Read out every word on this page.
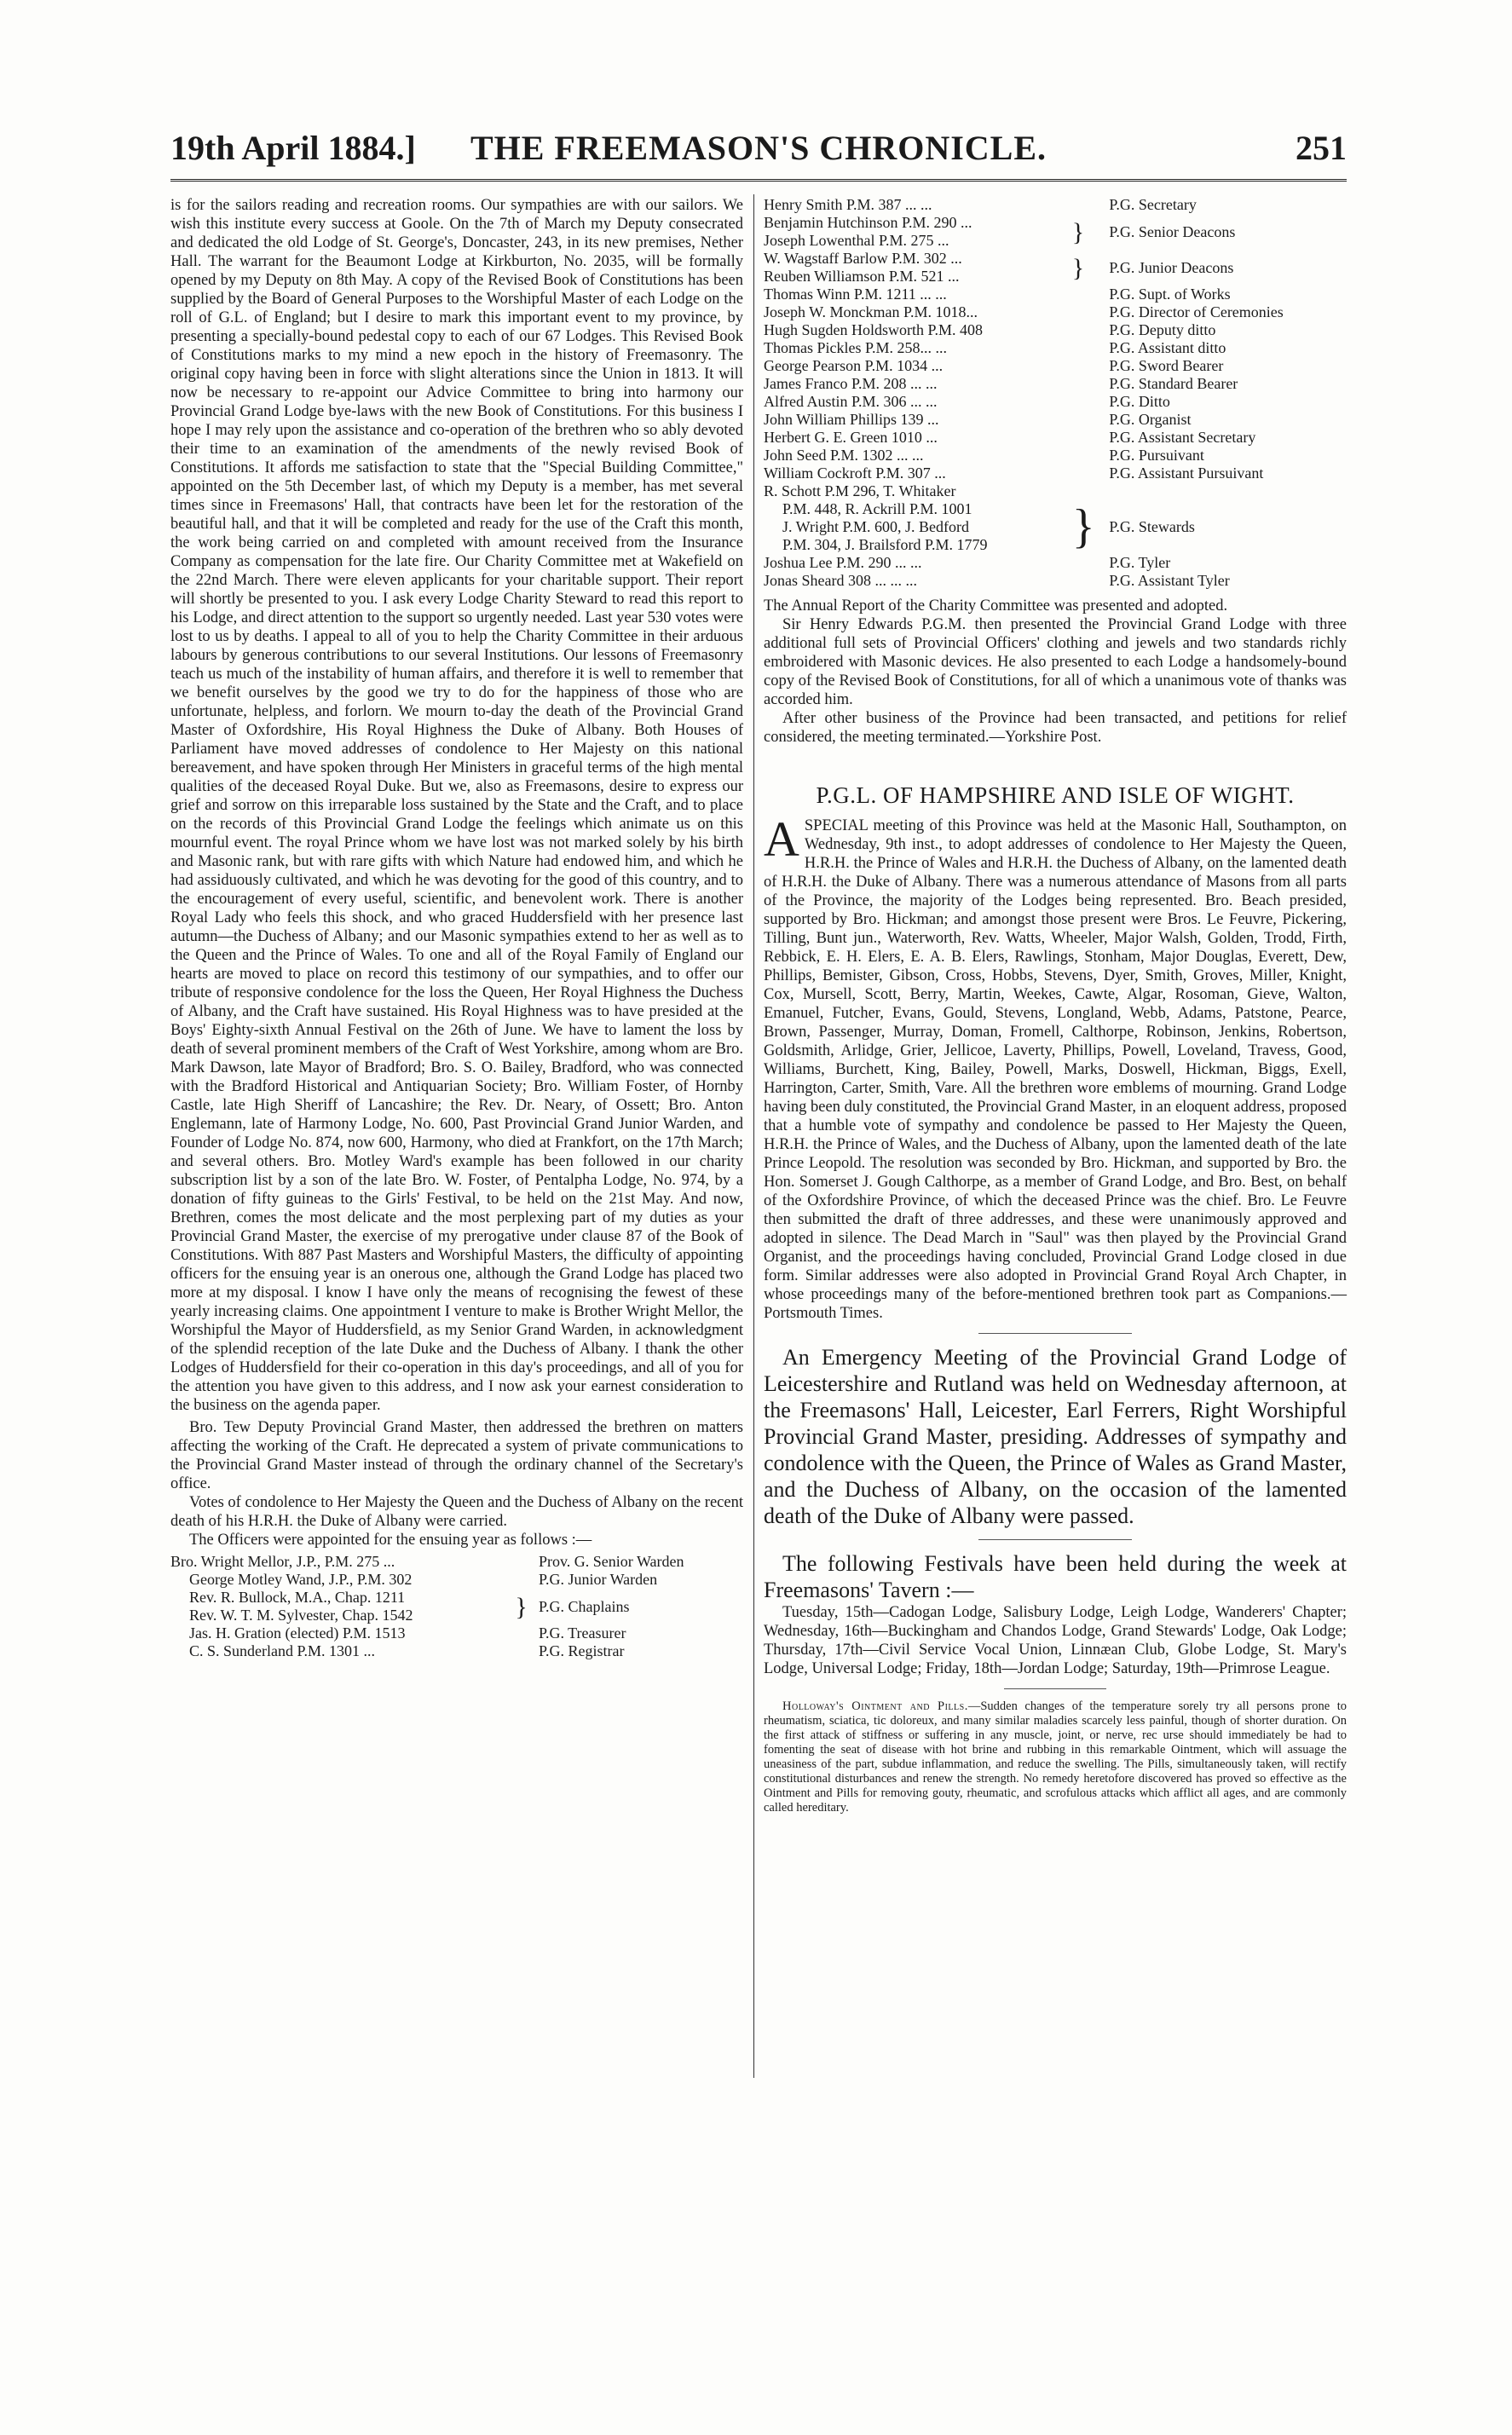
19th April 1884.]	THE FREEMASON'S CHRONICLE.	251

is for the sailors reading and recreation rooms. Our sympathies are with our sailors. We wish this institute every success at Goole. On the 7th of March my Deputy consecrated and dedicated the old Lodge of St. George's, Doncaster, 243, in its new premises, Nether Hall. The warrant for the Beaumont Lodge at Kirkburton, No. 2035, will be formally opened by my Deputy on 8th May. A copy of the Revised Book of Constitutions has been supplied by the Board of General Purposes to the Worshipful Master of each Lodge on the roll of G.L. of England; but I desire to mark this important event to my province, by presenting a specially-bound pedestal copy to each of our 67 Lodges. This Revised Book of Constitutions marks to my mind a new epoch in the history of Freemasonry. The original copy having been in force with slight alterations since the Union in 1813. It will now be necessary to re-appoint our Advice Committee to bring into harmony our Provincial Grand Lodge bye-laws with the new Book of Constitutions. For this business I hope I may rely upon the assistance and co-operation of the brethren who so ably devoted their time to an examination of the amendments of the newly revised Book of Constitutions. It affords me satisfaction to state that the "Special Building Committee," appointed on the 5th December last, of which my Deputy is a member, has met several times since in Freemasons' Hall, that contracts have been let for the restoration of the beautiful hall, and that it will be completed and ready for the use of the Craft this month, the work being carried on and completed with amount received from the Insurance Company as compensation for the late fire. Our Charity Committee met at Wakefield on the 22nd March. There were eleven applicants for your charitable support. Their report will shortly be presented to you. I ask every Lodge Charity Steward to read this report to his Lodge, and direct attention to the support so urgently needed. Last year 530 votes were lost to us by deaths. I appeal to all of you to help the Charity Committee in their arduous labours by generous contributions to our several Institutions. Our lessons of Freemasonry teach us much of the instability of human affairs, and therefore it is well to remember that we benefit ourselves by the good we try to do for the happiness of those who are unfortunate, helpless, and forlorn. We mourn to-day the death of the Provincial Grand Master of Oxfordshire, His Royal Highness the Duke of Albany. Both Houses of Parliament have moved addresses of condolence to Her Majesty on this national bereavement, and have spoken through Her Ministers in graceful terms of the high mental qualities of the deceased Royal Duke. But we, also as Freemasons, desire to express our grief and sorrow on this irreparable loss sustained by the State and the Craft, and to place on the records of this Provincial Grand Lodge the feelings which animate us on this mournful event. The royal Prince whom we have lost was not marked solely by his birth and Masonic rank, but with rare gifts with which Nature had endowed him, and which he had assiduously cultivated, and which he was devoting for the good of this country, and to the encouragement of every useful, scientific, and benevolent work. There is another Royal Lady who feels this shock, and who graced Huddersfield with her presence last autumn—the Duchess of Albany; and our Masonic sympathies extend to her as well as to the Queen and the Prince of Wales. To one and all of the Royal Family of England our hearts are moved to place on record this testimony of our sympathies, and to offer our tribute of responsive condolence for the loss the Queen, Her Royal Highness the Duchess of Albany, and the Craft have sustained. His Royal Highness was to have presided at the Boys' Eighty-sixth Annual Festival on the 26th of June. We have to lament the loss by death of several prominent members of the Craft of West Yorkshire, among whom are Bro. Mark Dawson, late Mayor of Bradford; Bro. S. O. Bailey, Bradford, who was connected with the Bradford Historical and Antiquarian Society; Bro. William Foster, of Hornby Castle, late High Sheriff of Lancashire; the Rev. Dr. Neary, of Ossett; Bro. Anton Englemann, late of Harmony Lodge, No. 600, Past Provincial Grand Junior Warden, and Founder of Lodge No. 874, now 600, Harmony, who died at Frankfort, on the 17th March; and several others. Bro. Motley Ward's example has been followed in our charity subscription list by a son of the late Bro. W. Foster, of Pentalpha Lodge, No. 974, by a donation of fifty guineas to the Girls' Festival, to be held on the 21st May. And now, Brethren, comes the most delicate and the most perplexing part of my duties as your Provincial Grand Master, the exercise of my prerogative under clause 87 of the Book of Constitutions. With 887 Past Masters and Worshipful Masters, the difficulty of appointing officers for the ensuing year is an onerous one, although the Grand Lodge has placed two more at my disposal. I know I have only the means of recognising the fewest of these yearly increasing claims. One appointment I venture to make is Brother Wright Mellor, the Worshipful the Mayor of Huddersfield, as my Senior Grand Warden, in acknowledgment of the splendid reception of the late Duke and the Duchess of Albany. I thank the other Lodges of Huddersfield for their co-operation in this day's proceedings, and all of you for the attention you have given to this address, and I now ask your earnest consideration to the business on the agenda paper.

Bro. Tew Deputy Provincial Grand Master, then addressed the brethren on matters affecting the working of the Craft. He deprecated a system of private communications to the Provincial Grand Master instead of through the ordinary channel of the Secretary's office.

Votes of condolence to Her Majesty the Queen and the Duchess of Albany on the recent death of his H.R.H. the Duke of Albany were carried.

The Officers were appointed for the ensuing year as follows :—

Bro. Wright Mellor, J.P., P.M. 275 ...		Prov. G. Senior Warden
George Motley Wand, J.P., P.M. 302		P.G. Junior Warden
Rev. R. Bullock, M.A., Chap. 1211	}	P.G. Chaplains
Rev. W. T. M. Sylvester, Chap. 1542		
Jas. H. Gration (elected) P.M. 1513		P.G. Treasurer
C. S. Sunderland P.M. 1301 ...		P.G. Registrar
Henry Smith P.M. 387 ... ...		P.G. Secretary
Benjamin Hutchinson P.M. 290 ...	}	P.G. Senior Deacons
Joseph Lowenthal P.M. 275 ...		
W. Wagstaff Barlow P.M. 302 ...	}	P.G. Junior Deacons
Reuben Williamson P.M. 521 ...		
Thomas Winn P.M. 1211 ... ...		P.G. Supt. of Works
Joseph W. Monckman P.M. 1018...		P.G. Director of Ceremonies
Hugh Sugden Holdsworth P.M. 408		P.G. Deputy ditto
Thomas Pickles P.M. 258... ...		P.G. Assistant ditto
George Pearson P.M. 1034 ...		P.G. Sword Bearer
James Franco P.M. 208 ... ...		P.G. Standard Bearer
Alfred Austin P.M. 306 ... ...		P.G. Ditto
John William Phillips 139 ...		P.G. Organist
Herbert G. E. Green 1010 ...		P.G. Assistant Secretary
John Seed P.M. 1302 ... ...		P.G. Pursuivant
William Cockroft P.M. 307 ...		P.G. Assistant Pursuivant
R. Schott P.M 296, T. Whitaker		
P.M. 448, R. Ackrill P.M. 1001	}	P.G. Stewards
J. Wright P.M. 600, J. Bedford		
P.M. 304, J. Brailsford P.M. 1779		
Joshua Lee P.M. 290 ... ...		P.G. Tyler
Jonas Sheard 308 ... ... ...		P.G. Assistant Tyler

The Annual Report of the Charity Committee was presented and adopted.

Sir Henry Edwards P.G.M. then presented the Provincial Grand Lodge with three additional full sets of Provincial Officers' clothing and jewels and two standards richly embroidered with Masonic devices. He also presented to each Lodge a handsomely-bound copy of the Revised Book of Constitutions, for all of which a unanimous vote of thanks was accorded him.

After other business of the Province had been transacted, and petitions for relief considered, the meeting terminated.—Yorkshire Post.

P.G.L. OF HAMPSHIRE AND ISLE OF WIGHT.
A SPECIAL meeting of this Province was held at the Masonic Hall, Southampton, on Wednesday, 9th inst., to adopt addresses of condolence to Her Majesty the Queen, H.R.H. the Prince of Wales and H.R.H. the Duchess of Albany, on the lamented death of H.R.H. the Duke of Albany. There was a numerous attendance of Masons from all parts of the Province, the majority of the Lodges being represented. Bro. Beach presided, supported by Bro. Hickman; and amongst those present were Bros. Le Feuvre, Pickering, Tilling, Bunt jun., Waterworth, Rev. Watts, Wheeler, Major Walsh, Golden, Trodd, Firth, Rebbick, E. H. Elers, E. A. B. Elers, Rawlings, Stonham, Major Douglas, Everett, Dew, Phillips, Bemister, Gibson, Cross, Hobbs, Stevens, Dyer, Smith, Groves, Miller, Knight, Cox, Mursell, Scott, Berry, Martin, Weekes, Cawte, Algar, Rosoman, Gieve, Walton, Emanuel, Futcher, Evans, Gould, Stevens, Longland, Webb, Adams, Patstone, Pearce, Brown, Passenger, Murray, Doman, Fromell, Calthorpe, Robinson, Jenkins, Robertson, Goldsmith, Arlidge, Grier, Jellicoe, Laverty, Phillips, Powell, Loveland, Travess, Good, Williams, Burchett, King, Bailey, Powell, Marks, Doswell, Hickman, Biggs, Exell, Harrington, Carter, Smith, Vare. All the brethren wore emblems of mourning. Grand Lodge having been duly constituted, the Provincial Grand Master, in an eloquent address, proposed that a humble vote of sympathy and condolence be passed to Her Majesty the Queen, H.R.H. the Prince of Wales, and the Duchess of Albany, upon the lamented death of the late Prince Leopold. The resolution was seconded by Bro. Hickman, and supported by Bro. the Hon. Somerset J. Gough Calthorpe, as a member of Grand Lodge, and Bro. Best, on behalf of the Oxfordshire Province, of which the deceased Prince was the chief. Bro. Le Feuvre then submitted the draft of three addresses, and these were unanimously approved and adopted in silence. The Dead March in "Saul" was then played by the Provincial Grand Organist, and the proceedings having concluded, Provincial Grand Lodge closed in due form. Similar addresses were also adopted in Provincial Grand Royal Arch Chapter, in whose proceedings many of the before-mentioned brethren took part as Companions.—Portsmouth Times.

An Emergency Meeting of the Provincial Grand Lodge of Leicestershire and Rutland was held on Wednesday afternoon, at the Freemasons' Hall, Leicester, Earl Ferrers, Right Worshipful Provincial Grand Master, presiding. Addresses of sympathy and condolence with the Queen, the Prince of Wales as Grand Master, and the Duchess of Albany, on the occasion of the lamented death of the Duke of Albany were passed.

The following Festivals have been held during the week at Freemasons' Tavern :—

Tuesday, 15th—Cadogan Lodge, Salisbury Lodge, Leigh Lodge, Wanderers' Chapter; Wednesday, 16th—Buckingham and Chandos Lodge, Grand Stewards' Lodge, Oak Lodge; Thursday, 17th—Civil Service Vocal Union, Linnæan Club, Globe Lodge, St. Mary's Lodge, Universal Lodge; Friday, 18th—Jordan Lodge; Saturday, 19th—Primrose League.

Holloway's Ointment and Pills.—Sudden changes of the temperature sorely try all persons prone to rheumatism, sciatica, tic doloreux, and many similar maladies scarcely less painful, though of shorter duration. On the first attack of stiffness or suffering in any muscle, joint, or nerve, rec urse should immediately be had to fomenting the seat of disease with hot brine and rubbing in this remarkable Ointment, which will assuage the uneasiness of the part, subdue inflammation, and reduce the swelling. The Pills, simultaneously taken, will rectify constitutional disturbances and renew the strength. No remedy heretofore discovered has proved so effective as the Ointment and Pills for removing gouty, rheumatic, and scrofulous attacks which afflict all ages, and are commonly called hereditary.
